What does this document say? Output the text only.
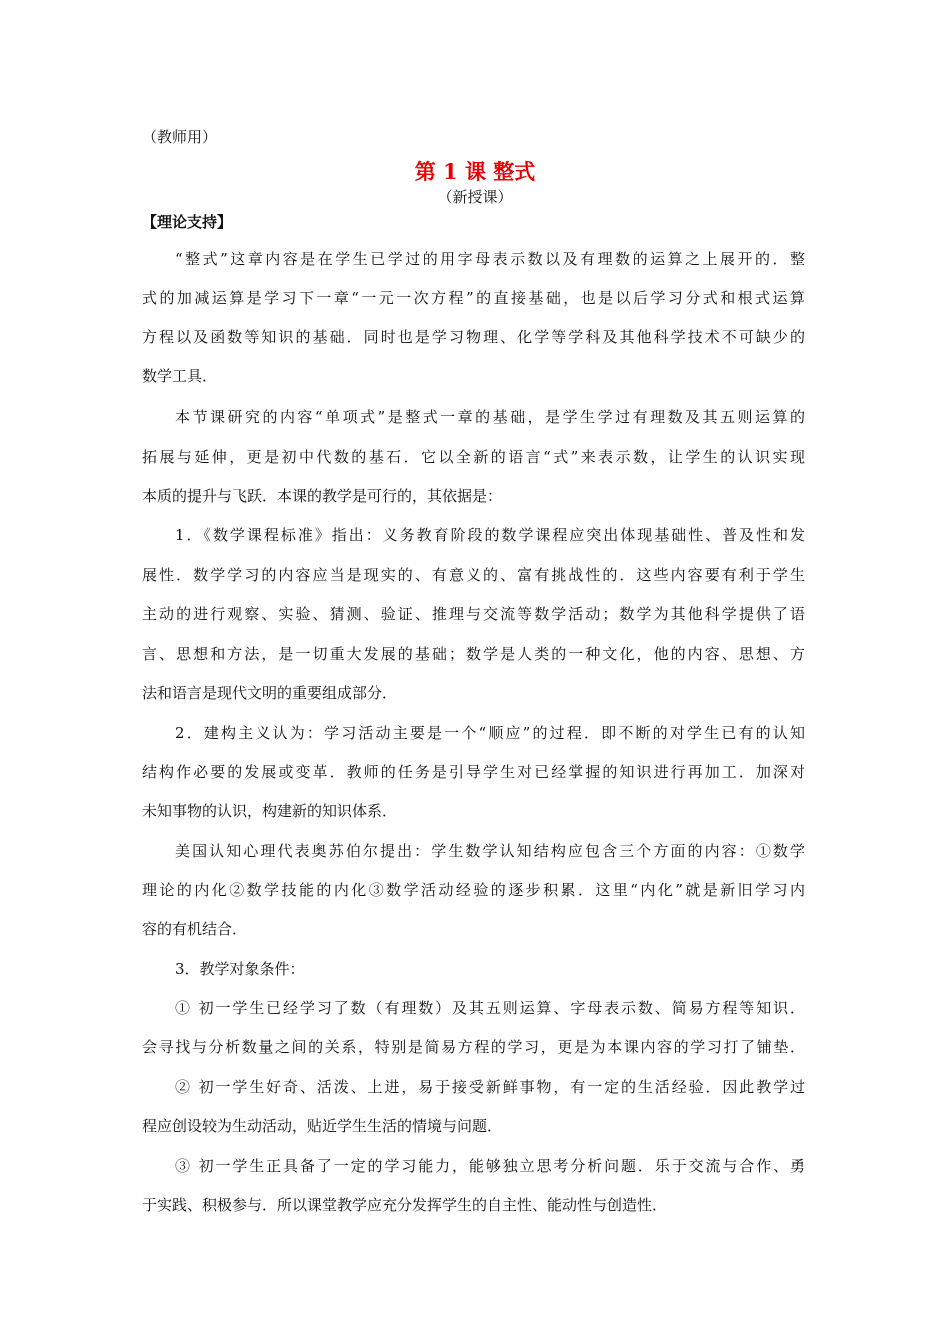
（教师用）
第 1 课 整式
（新授课）
【理论支持】
“整式”这章内容是在学生已学过的用字母表示数以及有理数的运算之上展开的．整
式的加减运算是学习下一章“一元一次方程”的直接基础，也是以后学习分式和根式运算
方程以及函数等知识的基础．同时也是学习物理、化学等学科及其他科学技术不可缺少的
数学工具．
本节课研究的内容“单项式”是整式一章的基础，是学生学过有理数及其五则运算的
拓展与延伸，更是初中代数的基石．它以全新的语言“式”来表示数，让学生的认识实现
本质的提升与飞跃．本课的教学是可行的，其依据是：
1．《数学课程标准》指出：义务教育阶段的数学课程应突出体现基础性、普及性和发
展性．数学学习的内容应当是现实的、有意义的、富有挑战性的．这些内容要有利于学生
主动的进行观察、实验、猜测、验证、推理与交流等数学活动；数学为其他科学提供了语
言、思想和方法，是一切重大发展的基础；数学是人类的一种文化，他的内容、思想、方
法和语言是现代文明的重要组成部分．
2．建构主义认为：学习活动主要是一个“顺应”的过程．即不断的对学生已有的认知
结构作必要的发展或变革．教师的任务是引导学生对已经掌握的知识进行再加工．加深对
未知事物的认识，构建新的知识体系．
美国认知心理代表奥苏伯尔提出：学生数学认知结构应包含三个方面的内容：①数学
理论的内化②数学技能的内化③数学活动经验的逐步积累．这里“内化”就是新旧学习内
容的有机结合．
3．教学对象条件：
① 初一学生已经学习了数（有理数）及其五则运算、字母表示数、简易方程等知识．
会寻找与分析数量之间的关系，特别是简易方程的学习，更是为本课内容的学习打了铺垫．
② 初一学生好奇、活泼、上进，易于接受新鲜事物，有一定的生活经验．因此教学过
程应创设较为生动活动，贴近学生生活的情境与问题．
③ 初一学生正具备了一定的学习能力，能够独立思考分析问题．乐于交流与合作、勇
于实践、积极参与．所以课堂教学应充分发挥学生的自主性、能动性与创造性．
